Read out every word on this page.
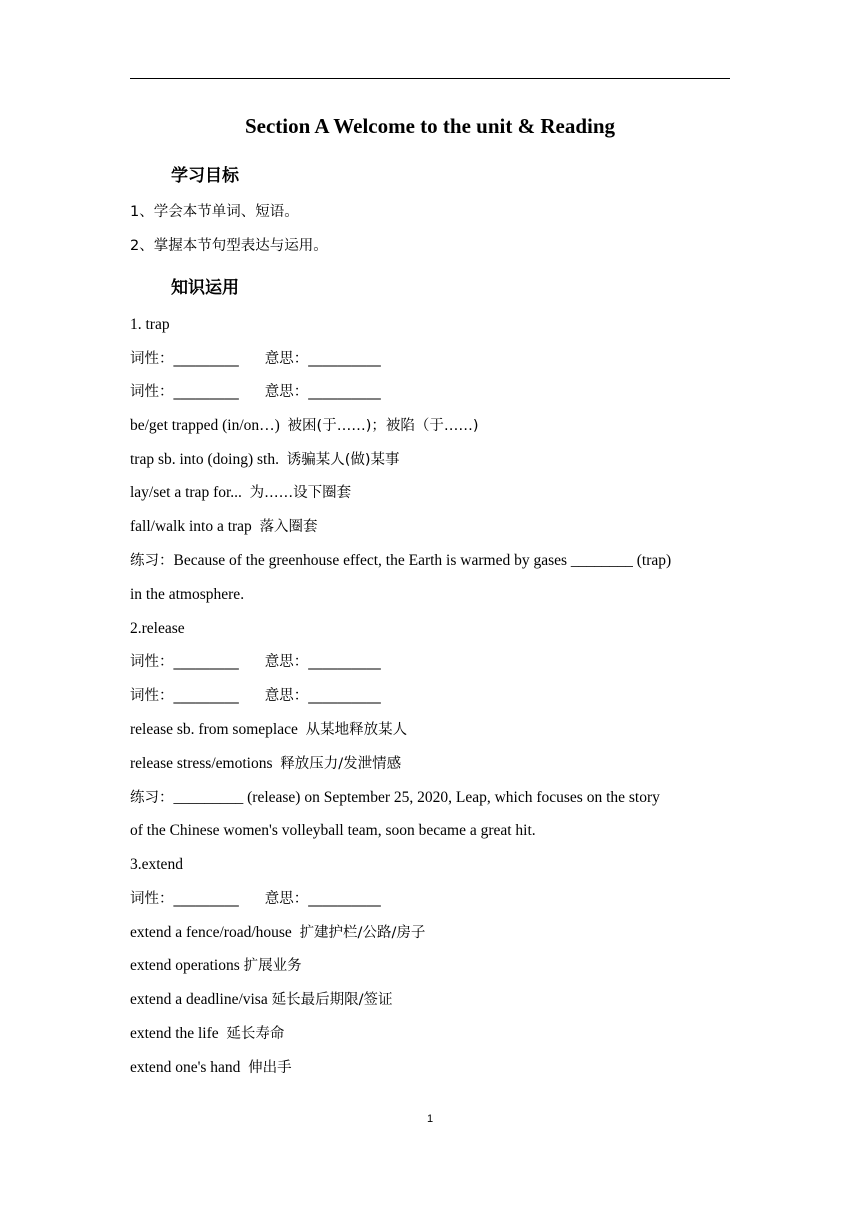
Section A Welcome to the unit & Reading
学习目标
1、学会本节单词、短语。
2、掌握本节句型表达与运用。
知识运用
1. trap
词性：_________ 意思：__________
词性：_________ 意思：__________
be/get trapped (in/on…) 被困(于……)；被陷（于……)
trap sb. into (doing) sth. 诱骗某人(做)某事
lay/set a trap for... 为……设下圈套
fall/walk into a trap 落入圈套
练习：Because of the greenhouse effect, the Earth is warmed by gases ________ (trap)
in the atmosphere.
2.release
词性：_________ 意思：__________
词性：_________ 意思：__________
release sb. from someplace 从某地释放某人
release stress/emotions 释放压力/发泄情感
练习：_________ (release) on September 25, 2020, Leap, which focuses on the story
of the Chinese women's volleyball team, soon became a great hit.
3.extend
词性：_________ 意思：__________
extend a fence/road/house 扩建护栏/公路/房子
extend operations 扩展业务
extend a deadline/visa 延长最后期限/签证
extend the life 延长寿命
extend one's hand 伸出手
1
